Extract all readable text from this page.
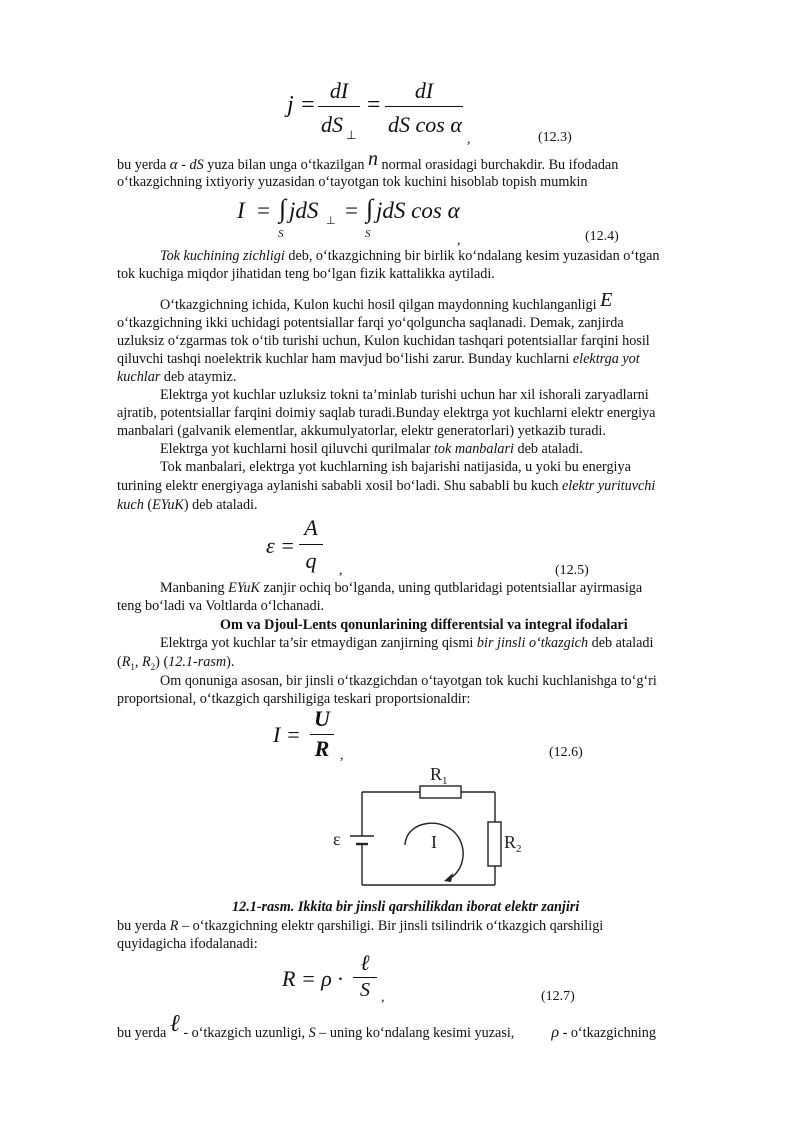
j =
dI
dS ⊥
=
dI
dS cos α
,	(12.3)
bu yerda α - dS yuza bilan unga o‘tkazilgan n normal orasidagi burchakdir. Bu ifodadan
o‘tkazgichning ixtiyoriy yuzasidan o‘tayotgan tok kuchini hisoblab topish mumkin
I = ∫ jdS ⊥ = ∫ jdS cos α
S	S	,	(12.4)
Tok kuchining zichligi deb, o‘tkazgichning bir birlik ko‘ndalang kesim yuzasidan o‘tgan
tok kuchiga miqdor jihatidan teng bo‘lgan fizik kattalikka aytiladi.
O‘tkazgichning ichida, Kulon kuchi hosil qilgan maydonning kuchlanganligi E
o‘tkazgichning ikki uchidagi potentsiallar farqi yo‘qolguncha saqlanadi. Demak, zanjirda
uzluksiz o‘zgarmas tok o‘tib turishi uchun, Kulon kuchidan tashqari potentsiallar farqini hosil
qiluvchi tashqi noelektrik kuchlar ham mavjud bo‘lishi zarur. Bunday kuchlarni elektrga yot
kuchlar deb ataymiz.
Elektrga yot kuchlar uzluksiz tokni ta’minlab turishi uchun har xil ishorali zaryadlarni
ajratib, potentsiallar farqini doimiy saqlab turadi.Bunday elektrga yot kuchlarni elektr energiya
manbalari (galvanik elementlar, akkumulyatorlar, elektr generatorlari) yetkazib turadi.
Elektrga yot kuchlarni hosil qiluvchi qurilmalar tok manbalari deb ataladi.
Tok manbalari, elektrga yot kuchlarning ish bajarishi natijasida, u yoki bu energiya
turining elektr energiyaga aylanishi sababli xosil bo‘ladi. Shu sababli bu kuch elektr yurituvchi
kuch (EYuK) deb ataladi.
ε =
A
q	,	(12.5)
Manbaning EYuK zanjir ochiq bo‘lganda, uning qutblaridagi potentsiallar ayirmasiga
teng bo‘ladi va Voltlarda o‘lchanadi.
Om va Djoul-Lents qonunlarining differentsial va integral ifodalari
Elektrga yot kuchlar ta’sir etmaydigan zanjirning qismi bir jinsli o‘tkazgich deb ataladi
($R_1$, $R_2$) (12.1-rasm).
Om qonuniga asosan, bir jinsli o‘tkazgichdan o‘tayotgan tok kuchi kuchlanishga to‘g‘ri
proportsional, o‘tkazgich qarshiligiga teskari proportsionaldir:
I =
U
R ,	(12.6)
$R_1$
$R_2$
ε	I
12.1-rasm. Ikkita bir jinsli qarshilikdan iborat elektr zanjiri
bu yerda R – o‘tkazgichning elektr qarshiligi. Bir jinsli tsilindrik o‘tkazgich qarshiligi
quyidagicha ifodalanadi:
R = ρ ·
ℓ
S ,	(12.7)
bu yerda ℓ - o‘tkazgich uzunligi, S – uning ko‘ndalang kesimi yuzasi, ρ - o‘tkazgichning
